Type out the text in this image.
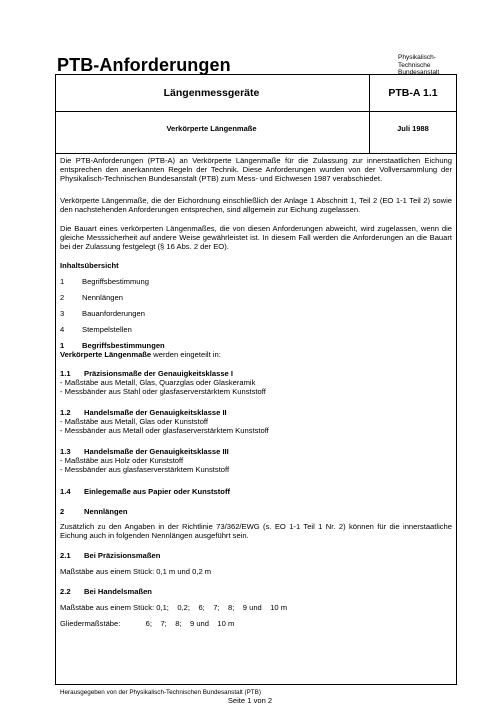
PTB-Anforderungen	Physikalisch-
Technische
Bundesanstalt
Längenmessgeräte	PTB-A 1.1
Verkörperte Längenmaße	Juli 1988
Die PTB-Anforderungen (PTB-A) an Verkörperte Längenmaße für die Zulassung zur innerstaatlichen Eichung entsprechen den anerkannten Regeln der Technik. Diese Anforderungen wurden von der Vollversammlung der Physikalisch-Technischen Bundesanstalt (PTB) zum Mess- und Eichwesen 1987 verabschiedet.
Verkörperte Längenmaße, die der Eichordnung einschließlich der Anlage 1 Abschnitt 1, Teil 2 (EO 1-1 Teil 2) sowie den nachstehenden Anforderungen entsprechen, sind allgemein zur Eichung zugelassen.
Die Bauart eines verkörperten Längenmaßes, die von diesen Anforderungen abweicht, wird zugelassen, wenn die gleiche Messsicherheit auf andere Weise gewährleistet ist. In diesem Fall werden die Anforderungen an die Bauart bei der Zulassung festgelegt (§ 16 Abs. 2 der EO).
Inhaltsübersicht
1 Begriffsbestimmung
2 Nennlängen
3 Bauanforderungen
4 Stempelstellen
1 Begriffsbestimmungen
Verkörperte Längenmaße werden eingeteilt in:
1.1 Präzisionsmaße der Genauigkeitsklasse I
- Maßstäbe aus Metall, Glas, Quarzglas oder Glaskeramik
- Messbänder aus Stahl oder glasfaserverstärktem Kunststoff
1.2 Handelsmaße der Genauigkeitsklasse II
- Maßstäbe aus Metall, Glas oder Kunststoff
- Messbänder aus Metall oder glasfaserverstärktem Kunststoff
1.3 Handelsmaße der Genauigkeitsklasse III
- Maßstäbe aus Holz oder Kunststoff
- Messbänder aus glasfaserverstärktem Kunststoff
1.4 Einlegemaße aus Papier oder Kunststoff
2	Nennlängen
Zusätzlich zu den Angaben in der Richtlinie 73/362/EWG (s. EO 1-1 Teil 1 Nr. 2) können für die innerstaatliche Eichung auch in folgenden Nennlängen ausgeführt sein.
2.1 Bei Präzisionsmaßen
Maßstäbe aus einem Stück: 0,1 m und 0,2 m
2.2 Bei Handelsmaßen
Maßstäbe aus einem Stück: 0,1;    0,2;    6;    7;    8;    9 und    10 m
Gliedermaßstäbe:            6;    7;    8;    9 und    10 m
Herausgegeben von der Physikalisch-Technischen Bundesanstalt (PTB)
Seite 1 von 2
